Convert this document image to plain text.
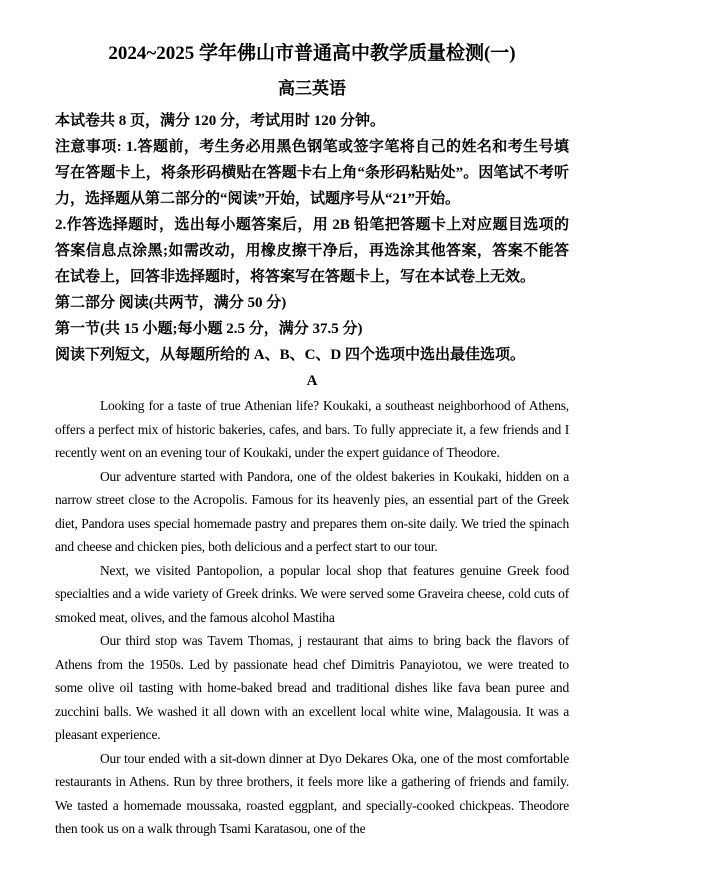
2024~2025 学年佛山市普通高中教学质量检测(一)
高三英语

本试卷共 8 页，满分 120 分，考试用时 120 分钟。

注意事项: 1.答题前，考生务必用黑色钢笔或签字笔将自己的姓名和考生号填写在答题卡上，将条形码横贴在答题卡右上角“条形码粘贴处”。因笔试不考听力，选择题从第二部分的“阅读”开始，试题序号从“21”开始。

2.作答选择题时，选出每小题答案后，用 2B 铅笔把答题卡上对应题目选项的答案信息点涂黑;如需改动，用橡皮擦干净后，再选涂其他答案，答案不能答在试卷上，回答非选择题时，将答案写在答题卡上，写在本试卷上无效。

第二部分 阅读(共两节，满分 50 分)

第一节(共 15 小题;每小题 2.5 分，满分 37.5 分)

阅读下列短文，从每题所给的 A、B、C、D 四个选项中选出最佳选项。

A

Looking for a taste of true Athenian life? Koukaki, a southeast neighborhood of Athens, offers a perfect mix of historic bakeries, cafes, and bars. To fully appreciate it, a few friends and I recently went on an evening tour of Koukaki, under the expert guidance of Theodore.

Our adventure started with Pandora, one of the oldest bakeries in Koukaki, hidden on a narrow street close to the Acropolis. Famous for its heavenly pies, an essential part of the Greek diet, Pandora uses special homemade pastry and prepares them on-site daily. We tried the spinach and cheese and chicken pies, both delicious and a perfect start to our tour.

Next, we visited Pantopolion, a popular local shop that features genuine Greek food specialties and a wide variety of Greek drinks. We were served some Graveira cheese, cold cuts of smoked meat, olives, and the famous alcohol Mastiha

Our third stop was Tavem Thomas, j restaurant that aims to bring back the flavors of Athens from the 1950s. Led by passionate head chef Dimitris Panayiotou, we were treated to some olive oil tasting with home-baked bread and traditional dishes like fava bean puree and zucchini balls. We washed it all down with an excellent local white wine, Malagousia. It was a pleasant experience.

Our tour ended with a sit-down dinner at Dyo Dekares Oka, one of the most comfortable restaurants in Athens. Run by three brothers, it feels more like a gathering of friends and family. We tasted a homemade moussaka, roasted eggplant, and specially-cooked chickpeas. Theodore then took us on a walk through Tsami Karatasou, one of the
